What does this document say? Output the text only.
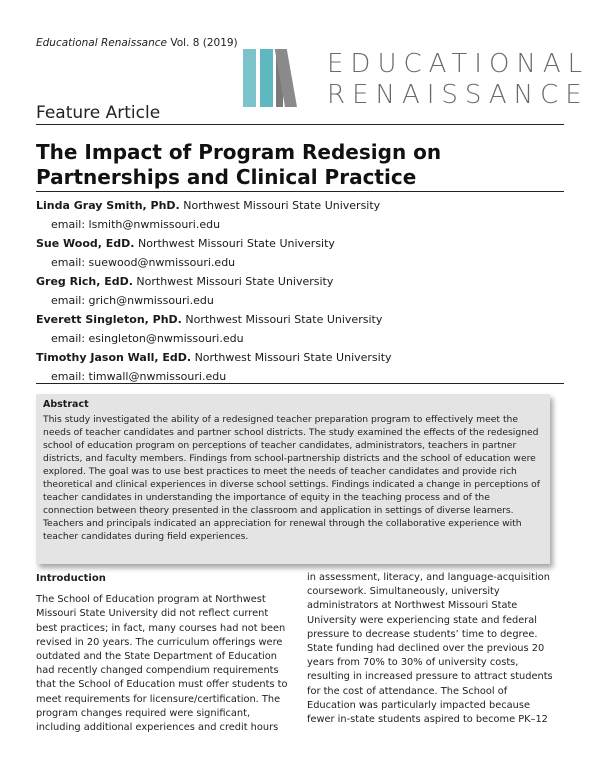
Educational Renaissance Vol. 8 (2019)
EDUCATIONAL
RENAISSANCE
Feature Article
The Impact of Program Redesign on Partnerships and Clinical Practice
Linda Gray Smith, PhD. Northwest Missouri State University
email: lsmith@nwmissouri.edu
Sue Wood, EdD. Northwest Missouri State University
email: suewood@nwmissouri.edu
Greg Rich, EdD. Northwest Missouri State University
email: grich@nwmissouri.edu
Everett Singleton, PhD. Northwest Missouri State University
email: esingleton@nwmissouri.edu
Timothy Jason Wall, EdD. Northwest Missouri State University
email: timwall@nwmissouri.edu
Abstract

This study investigated the ability of a redesigned teacher preparation program to effectively meet the needs of teacher candidates and partner school districts. The study examined the effects of the redesigned school of education program on perceptions of teacher candidates, administrators, teachers in partner districts, and faculty members. Findings from school-partnership districts and the school of education were explored. The goal was to use best practices to meet the needs of teacher candidates and provide rich theoretical and clinical experiences in diverse school settings. Findings indicated a change in perceptions of teacher candidates in understanding the importance of equity in the teaching process and of the connection between theory presented in the classroom and application in settings of diverse learners. Teachers and principals indicated an appreciation for renewal through the collaborative experience with teacher candidates during field experiences.

Introduction

The School of Education program at Northwest Missouri State University did not reflect current best practices; in fact, many courses had not been revised in 20 years. The curriculum offerings were outdated and the State Department of Education had recently changed compendium requirements that the School of Education must offer students to meet requirements for licensure/certification. The program changes required were significant, including additional experiences and credit hours

in assessment, literacy, and language-acquisition coursework. Simultaneously, university administrators at Northwest Missouri State University were experiencing state and federal pressure to decrease students’ time to degree. State funding had declined over the previous 20 years from 70% to 30% of university costs, resulting in increased pressure to attract students for the cost of attendance. The School of Education was particularly impacted because fewer in-state students aspired to become PK–12
